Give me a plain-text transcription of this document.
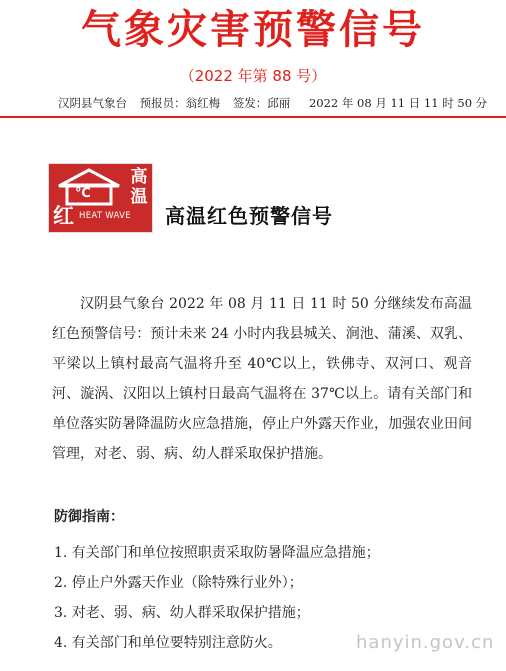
气象灾害预警信号
（2022 年第 88 号）
汉阴县气象台 预报员：翁红梅 签发：邱丽 2022 年 08 月 11 日 11 时 50 分
℃
高温
红 HEAT WAVE 高温红色预警信号

汉阴县气象台 2022 年 08 月 11 日 11 时 50 分继续发布高温红色预警信号：预计未来 24 小时内我县城关、涧池、蒲溪、双乳、平梁以上镇村最高气温将升至 40℃以上，铁佛寺、双河口、观音河、漩涡、汉阳以上镇村日最高气温将在 37℃以上。请有关部门和单位落实防暑降温防火应急措施，停止户外露天作业，加强农业田间管理，对老、弱、病、幼人群采取保护措施。

防御指南：
1. 有关部门和单位按照职责采取防暑降温应急措施；
2. 停止户外露天作业（除特殊行业外）；
3. 对老、弱、病、幼人群采取保护措施；
4. 有关部门和单位要特别注意防火。	hanyin.gov.cn
